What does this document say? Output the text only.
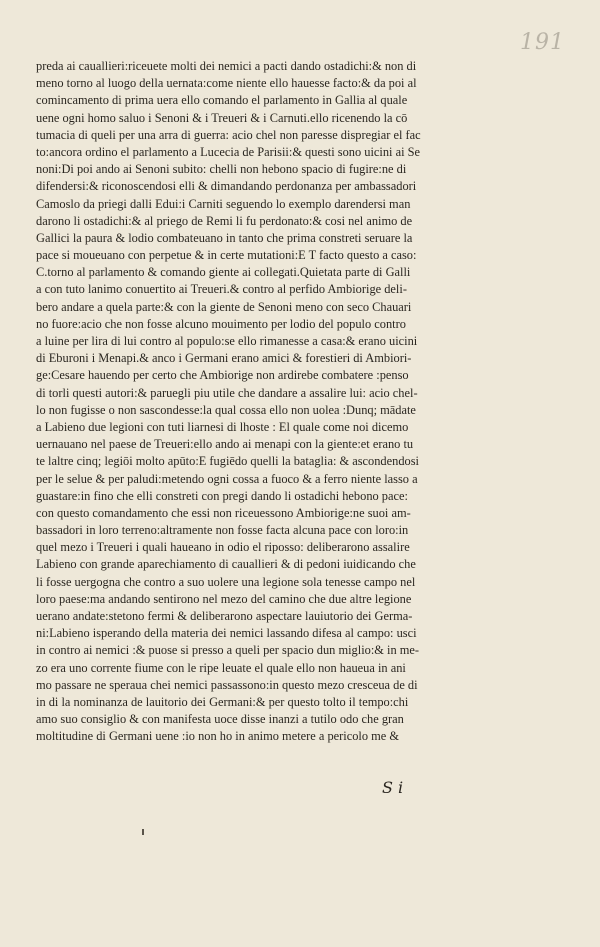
191
preda ai cauallieri:riceuete molti dei nemici a pacti dando ostadichi:& non di
meno torno al luogo della uernata:come niente ello hauesse facto:& da poi al
comincamento di prima uera ello comando el parlamento in Gallia al quale
uene ogni homo saluo i Senoni & i Treueri & i Carnuti.ello ricenendo la cō
tumacia di queli per una arra di guerra: acio chel non paresse dispregiar el fac
to:ancora ordino el parlamento a Lucecia de Parisii:& questi sono uicini ai Se
noni:Di poi ando ai Senoni subito: chelli non hebono spacio di fugire:ne di
difendersi:& riconoscendosi elli & dimandando perdonanza per ambassadori
Camoslo da priegi dalli Edui:i Carniti seguendo lo exemplo darendersi man
darono li ostadichi:& al priego de Remi li fu perdonato:& cosi nel animo de
Gallici la paura & lodio combateuano in tanto che prima constreti seruare la
pace si moueuano con perpetue & in certe mutationi:E T facto questo a caso:
C.torno al parlamento & comando giente ai collegati.Quietata parte di Galli
a con tuto lanimo conuertito ai Treueri.& contro al perfido Ambiorige deli-
bero andare a quela parte:& con la giente de Senoni meno con seco Chauari
no fuore:acio che non fosse alcuno mouimento per lodio del populo contro
a luine per lira di lui contro al populo:se ello rimanesse a casa:& erano uicini
di Eburoni i Menapi.& anco i Germani erano amici & forestieri di Ambiori-
ge:Cesare hauendo per certo che Ambiorige non ardirebe combatere :penso
di torli questi autori:& paruegli piu utile che dandare a assalire lui: acio chel-
lo non fugisse o non sascondesse:la qual cossa ello non uolea :Dunq; mādate
a Labieno due legioni con tuti liarnesi di lhoste : El quale come noi dicemo
uernauano nel paese de Treueri:ello ando ai menapi con la giente:et erano tu
te laltre cinq; legiōi molto apūto:E fugiēdo quelli la bataglia: & ascondendosi
per le selue & per paludi:metendo ogni cossa a fuoco & a ferro niente lasso a
guastare:in fino che elli constreti con pregi dando li ostadichi hebono pace:
con questo comandamento che essi non riceuessono Ambiorige:ne suoi am-
bassadori in loro terreno:altramente non fosse facta alcuna pace con loro:in
quel mezo i Treueri i quali haueano in odio el riposso: deliberarono assalire
Labieno con grande aparechiamento di cauallieri & di pedoni iuidicando che
li fosse uergogna che contro a suo uolere una legione sola tenesse campo nel
loro paese:ma andando sentirono nel mezo del camino che due altre legione
uerano andate:stetono fermi & deliberarono aspectare lauiutorio dei Germa-
ni:Labieno isperando della materia dei nemici lassando difesa al campo: usci
in contro ai nemici :& puose si presso a queli per spacio dun miglio:& in me-
zo era uno corrente fiume con le ripe leuate el quale ello non haueua in ani
mo passare ne speraua chei nemici passassono:in questo mezo cresceua de di
in di la nominanza de lauitorio dei Germani:& per questo tolto il tempo:chi
amo suo consiglio & con manifesta uoce disse inanzi a tutilo odo che gran
moltitudine di Germani uene :io non ho in animo metere a pericolo me &
S i
